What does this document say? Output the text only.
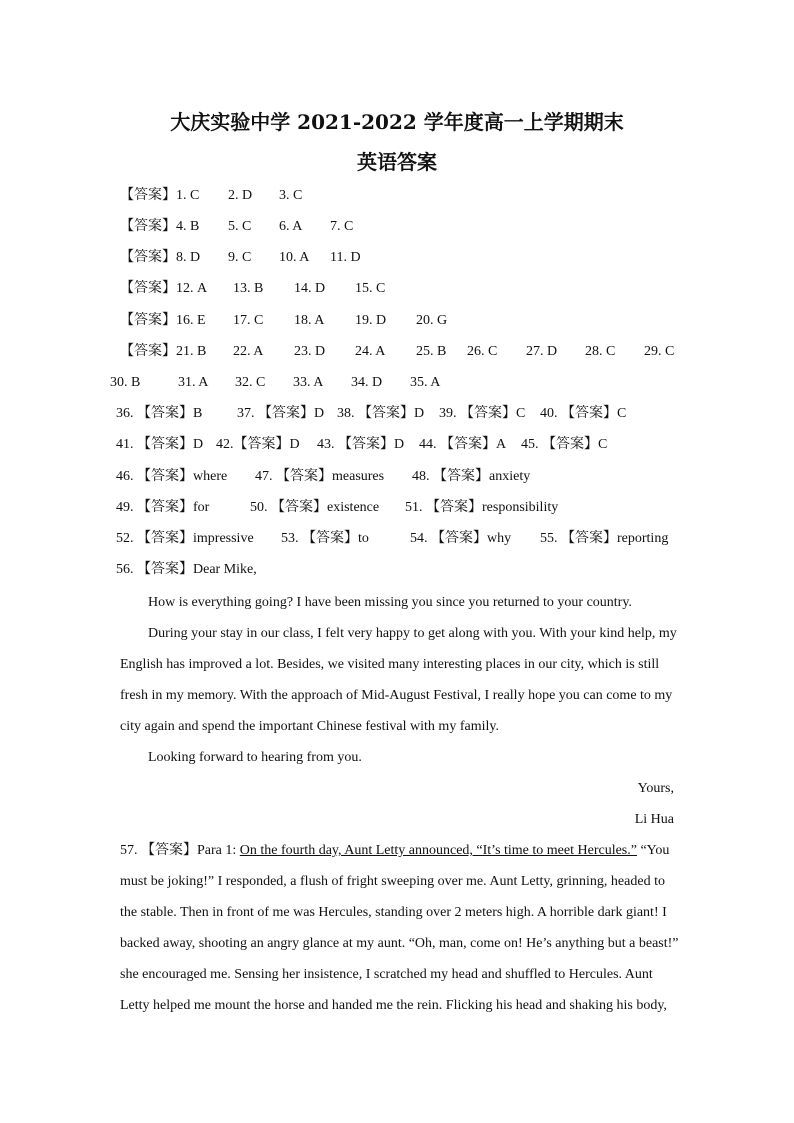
大庆实验中学 2021-2022 学年度高一上学期期末
英语答案
【答案】1. C 2. D 3. C
【答案】4. B 5. C 6. A 7. C
【答案】8. D 9. C 10. A 11. D
【答案】12. A 13. B 14. D 15. C
【答案】16. E 17. C 18. A 19. D 20. G
【答案】21. B 22. A 23. D 24. A 25. B 26. C 27. D 28. C 29. C
30. B	31. A 32. C 33. A 34. D 35. A
36. 【答案】B 37. 【答案】D 38. 【答案】D 39. 【答案】C 40. 【答案】C
41. 【答案】D 42.【答案】D 43. 【答案】D 44. 【答案】A 45. 【答案】C
46. 【答案】where 47. 【答案】measures 48. 【答案】anxiety
49. 【答案】for	50. 【答案】existence 51. 【答案】responsibility
52. 【答案】impressive 53. 【答案】to	54. 【答案】why 55. 【答案】reporting
56. 【答案】Dear Mike,
How is everything going? I have been missing you since you returned to your country.
During your stay in our class, I felt very happy to get along with you. With your kind help, my English has improved a lot. Besides, we visited many interesting places in our city, which is still fresh in my memory. With the approach of Mid-August Festival, I really hope you can come to my city again and spend the important Chinese festival with my family.
Looking forward to hearing from you.
Yours,
Li Hua
57. 【答案】Para 1: On the fourth day, Aunt Letty announced, “It’s time to meet Hercules.” “You must be joking!” I responded, a flush of fright sweeping over me. Aunt Letty, grinning, headed to the stable. Then in front of me was Hercules, standing over 2 meters high. A horrible dark giant! I backed away, shooting an angry glance at my aunt. “Oh, man, come on! He’s anything but a beast!” she encouraged me. Sensing her insistence, I scratched my head and shuffled to Hercules. Aunt Letty helped me mount the horse and handed me the rein. Flicking his head and shaking his body,
